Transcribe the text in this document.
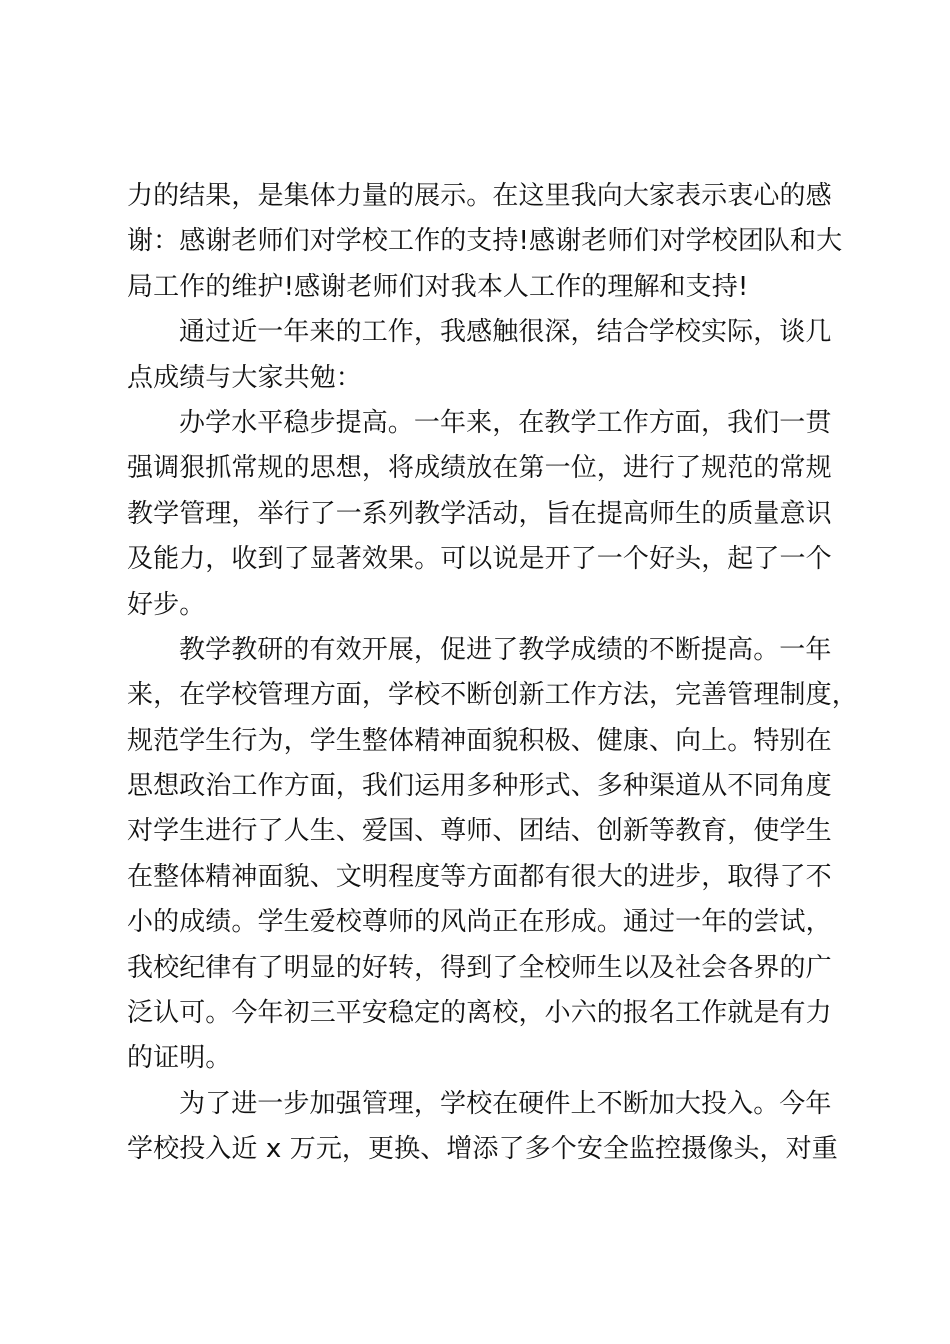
力的结果，是集体力量的展示。在这里我向大家表示衷心的感
谢：感谢老师们对学校工作的支持!感谢老师们对学校团队和大
局工作的维护!感谢老师们对我本人工作的理解和支持!
通过近一年来的工作，我感触很深，结合学校实际，谈几
点成绩与大家共勉：
办学水平稳步提高。一年来，在教学工作方面，我们一贯
强调狠抓常规的思想，将成绩放在第一位，进行了规范的常规
教学管理，举行了一系列教学活动，旨在提高师生的质量意识
及能力，收到了显著效果。可以说是开了一个好头，起了一个
好步。
教学教研的有效开展，促进了教学成绩的不断提高。一年
来，在学校管理方面，学校不断创新工作方法，完善管理制度，
规范学生行为，学生整体精神面貌积极、健康、向上。特别在
思想政治工作方面，我们运用多种形式、多种渠道从不同角度
对学生进行了人生、爱国、尊师、团结、创新等教育，使学生
在整体精神面貌、文明程度等方面都有很大的进步，取得了不
小的成绩。学生爱校尊师的风尚正在形成。通过一年的尝试，
我校纪律有了明显的好转，得到了全校师生以及社会各界的广
泛认可。今年初三平安稳定的离校，小六的报名工作就是有力
的证明。
为了进一步加强管理，学校在硬件上不断加大投入。今年
学校投入近 x 万元，更换、增添了多个安全监控摄像头，对重
